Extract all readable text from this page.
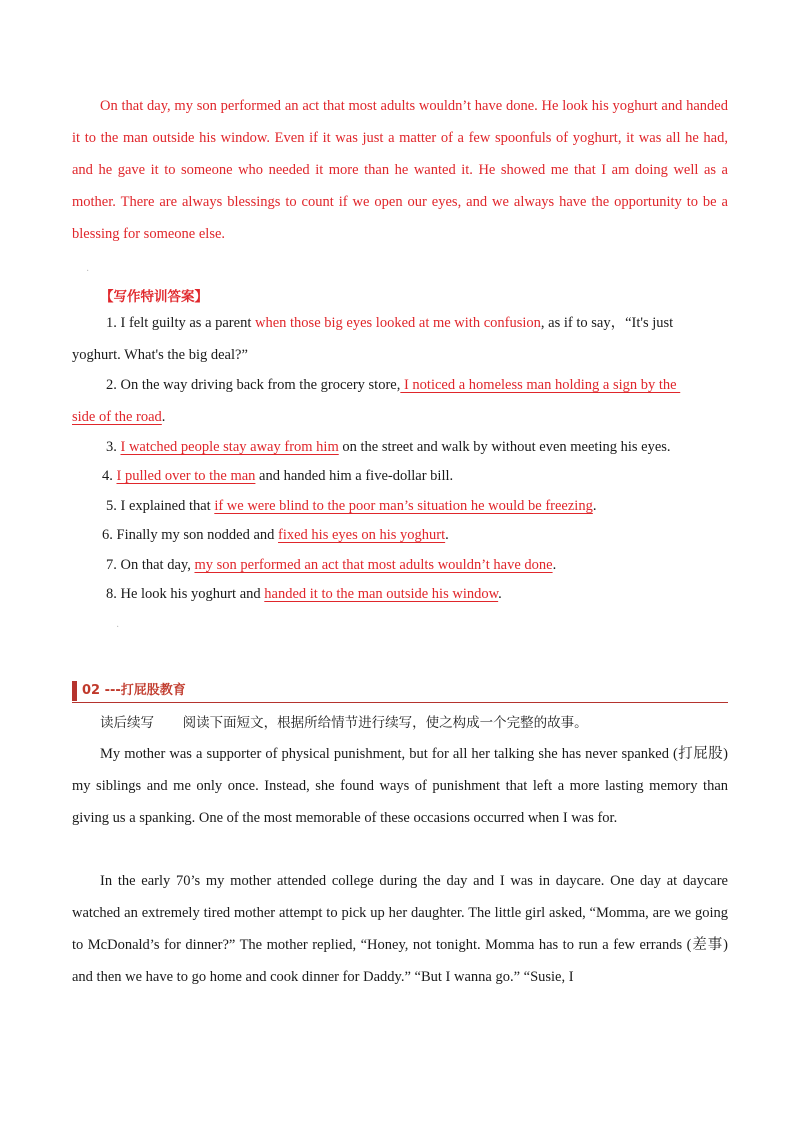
On that day, my son performed an act that most adults wouldn’t have done. He look his yoghurt and handed it to the man outside his window. Even if it was just a matter of a few spoonfuls of yoghurt, it was all he had, and he gave it to someone who needed it more than he wanted it. He showed me that I am doing well as a mother. There are always blessings to count if we open our eyes, and we always have the opportunity to be a blessing for someone else.

·
【写作特训答案】
1. I felt guilty as a parent when those big eyes looked at me with confusion, as if to say，“It's just
yoghurt. What's the big deal?”
2. On the way driving back from the grocery store, I noticed a homeless man holding a sign by the
side of the road.
3. I watched people stay away from him on the street and walk by without even meeting his eyes.
4. I pulled over to the man and handed him a five-dollar bill.
5. I explained that if we were blind to the poor man’s situation he would be freezing.
6. Finally my son nodded and fixed his eyes on his yoghurt.
7. On that day, my son performed an act that most adults wouldn’t have done.
8. He look his yoghurt and handed it to the man outside his window.
·
02 ---打屁股教育
读后续写 阅读下面短文，根据所给情节进行续写，使之构成一个完整的故事。

My mother was a supporter of physical punishment, but for all her talking she has never spanked (打屁股) my siblings and me only once. Instead, she found ways of punishment that left a more lasting memory than giving us a spanking. One of the most memorable of these occasions occurred when I was for.

In the early 70’s my mother attended college during the day and I was in daycare. One day at daycare watched an extremely tired mother attempt to pick up her daughter. The little girl asked, “Momma, are we going to McDonald’s for dinner?” The mother replied, “Honey, not tonight. Momma has to run a few errands (差事) and then we have to go home and cook dinner for Daddy.” “But I wanna go.” “Susie, I
